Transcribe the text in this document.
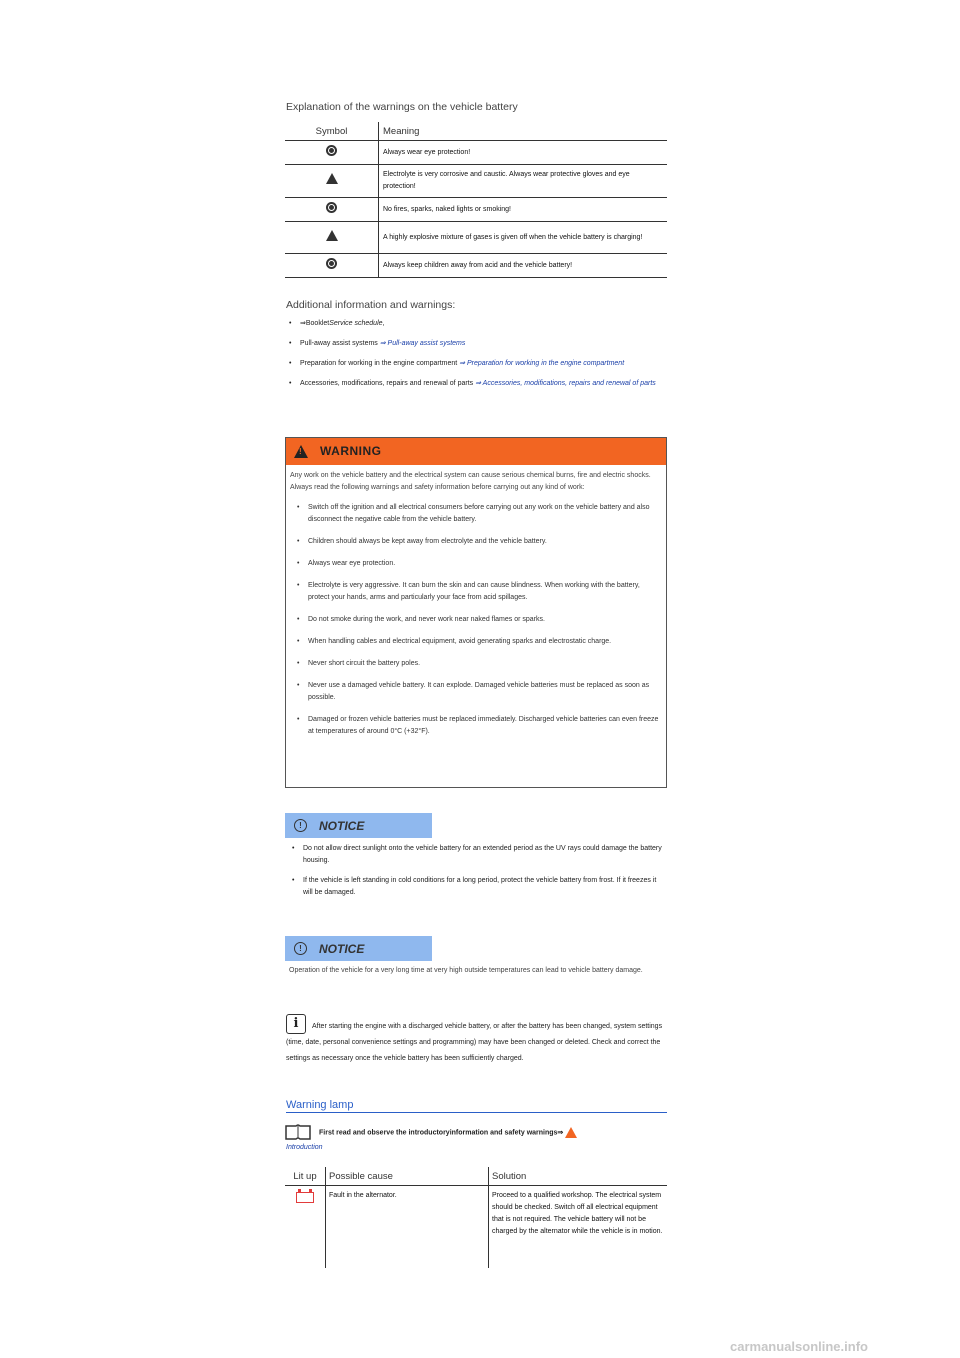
Explanation of the warnings on the vehicle battery
Symbol	Meaning
	Always wear eye protection!
	Electrolyte is very corrosive and caustic. Always wear protective gloves and eye protection!
	No fires, sparks, naked lights or smoking!
	A highly explosive mixture of gases is given off when the vehicle battery is charging!
	Always keep children away from acid and the vehicle battery!
Additional information and warnings:
• ⇒BookletService schedule,
• Pull-away assist systems ⇒ Pull-away assist systems
• Preparation for working in the engine compartment ⇒ Preparation for working in the engine compartment
• Accessories, modifications, repairs and renewal of parts ⇒ Accessories, modifications, repairs and renewal of parts
!
WARNING

Any work on the vehicle battery and the electrical system can cause serious chemical burns, fire and electric shocks. Always read the following warnings and safety information before carrying out any kind of work:

• Switch off the ignition and all electrical consumers before carrying out any work on the vehicle battery and also disconnect the negative cable from the vehicle battery.
• Children should always be kept away from electrolyte and the vehicle battery.
• Always wear eye protection.
• Electrolyte is very aggressive. It can burn the skin and can cause blindness. When working with the battery, protect your hands, arms and particularly your face from acid spillages.
• Do not smoke during the work, and never work near naked flames or sparks.
• When handling cables and electrical equipment, avoid generating sparks and electrostatic charge.
• Never short circuit the battery poles.
• Never use a damaged vehicle battery. It can explode. Damaged vehicle batteries must be replaced as soon as possible.
• Damaged or frozen vehicle batteries must be replaced immediately. Discharged vehicle batteries can even freeze at temperatures of around 0°C (+32°F).
!	NOTICE
• Do not allow direct sunlight onto the vehicle battery for an extended period as the UV rays could damage the battery housing.
• If the vehicle is left standing in cold conditions for a long period, protect the vehicle battery from frost. If it freezes it will be damaged.
!	NOTICE
Operation of the vehicle for a very long time at very high outside temperatures can lead to vehicle battery damage.
i	After starting the engine with a discharged vehicle battery, or after the battery has been changed, system settings (time, date, personal convenience settings and programming) may have been changed or deleted. Check and correct the settings as necessary once the vehicle battery has been sufficiently charged.
Warning lamp
First read and observe the introductoryinformation and safety warnings⇒
Introduction
Lit up	Possible cause	Solution
	Fault in the alternator.	Proceed to a qualified workshop. The electrical system should be checked. Switch off all electrical equipment that is not required. The vehicle battery will not be charged by the alternator while the vehicle is in motion.
carmanualsonline.info
